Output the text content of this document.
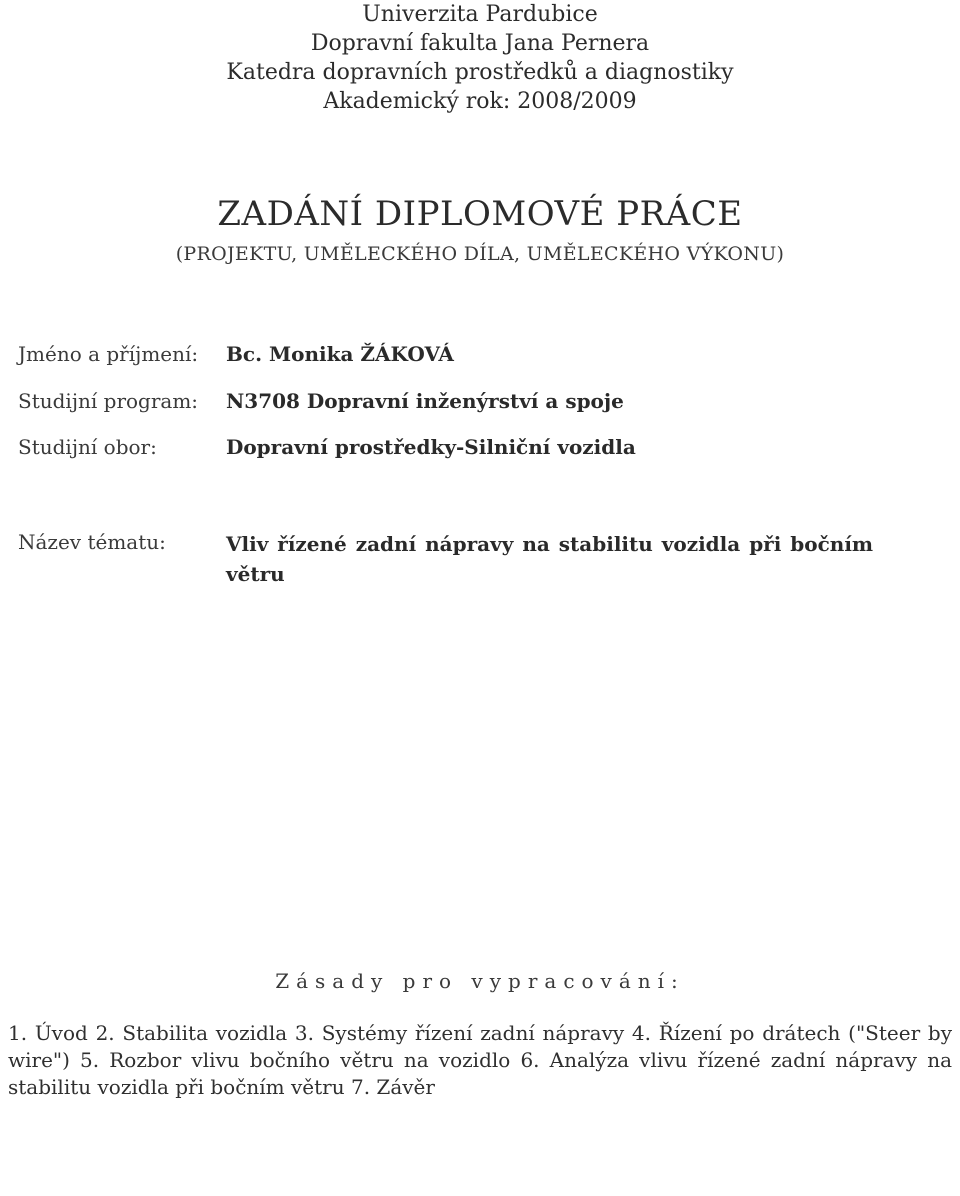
Univerzita Pardubice
Dopravní fakulta Jana Pernera
Katedra dopravních prostředků a diagnostiky
Akademický rok: 2008/2009
ZADÁNÍ DIPLOMOVÉ PRÁCE
(PROJEKTU, UMĚLECKÉHO DÍLA, UMĚLECKÉHO VÝKONU)
Jméno a příjmení: Bc. Monika ŽÁKOVÁ
Studijní program: N3708 Dopravní inženýrství a spoje
Studijní obor:	Dopravní prostředky-Silniční vozidla
Název tématu:	Vliv řízené zadní nápravy na stabilitu vozidla při bočním větru
Zásady pro vypracování:
1. Úvod 2. Stabilita vozidla 3. Systémy řízení zadní nápravy 4. Řízení po drátech ("Steer by wire") 5. Rozbor vlivu bočního větru na vozidlo 6. Analýza vlivu řízené zadní nápravy na stabilitu vozidla při bočním větru 7. Závěr
